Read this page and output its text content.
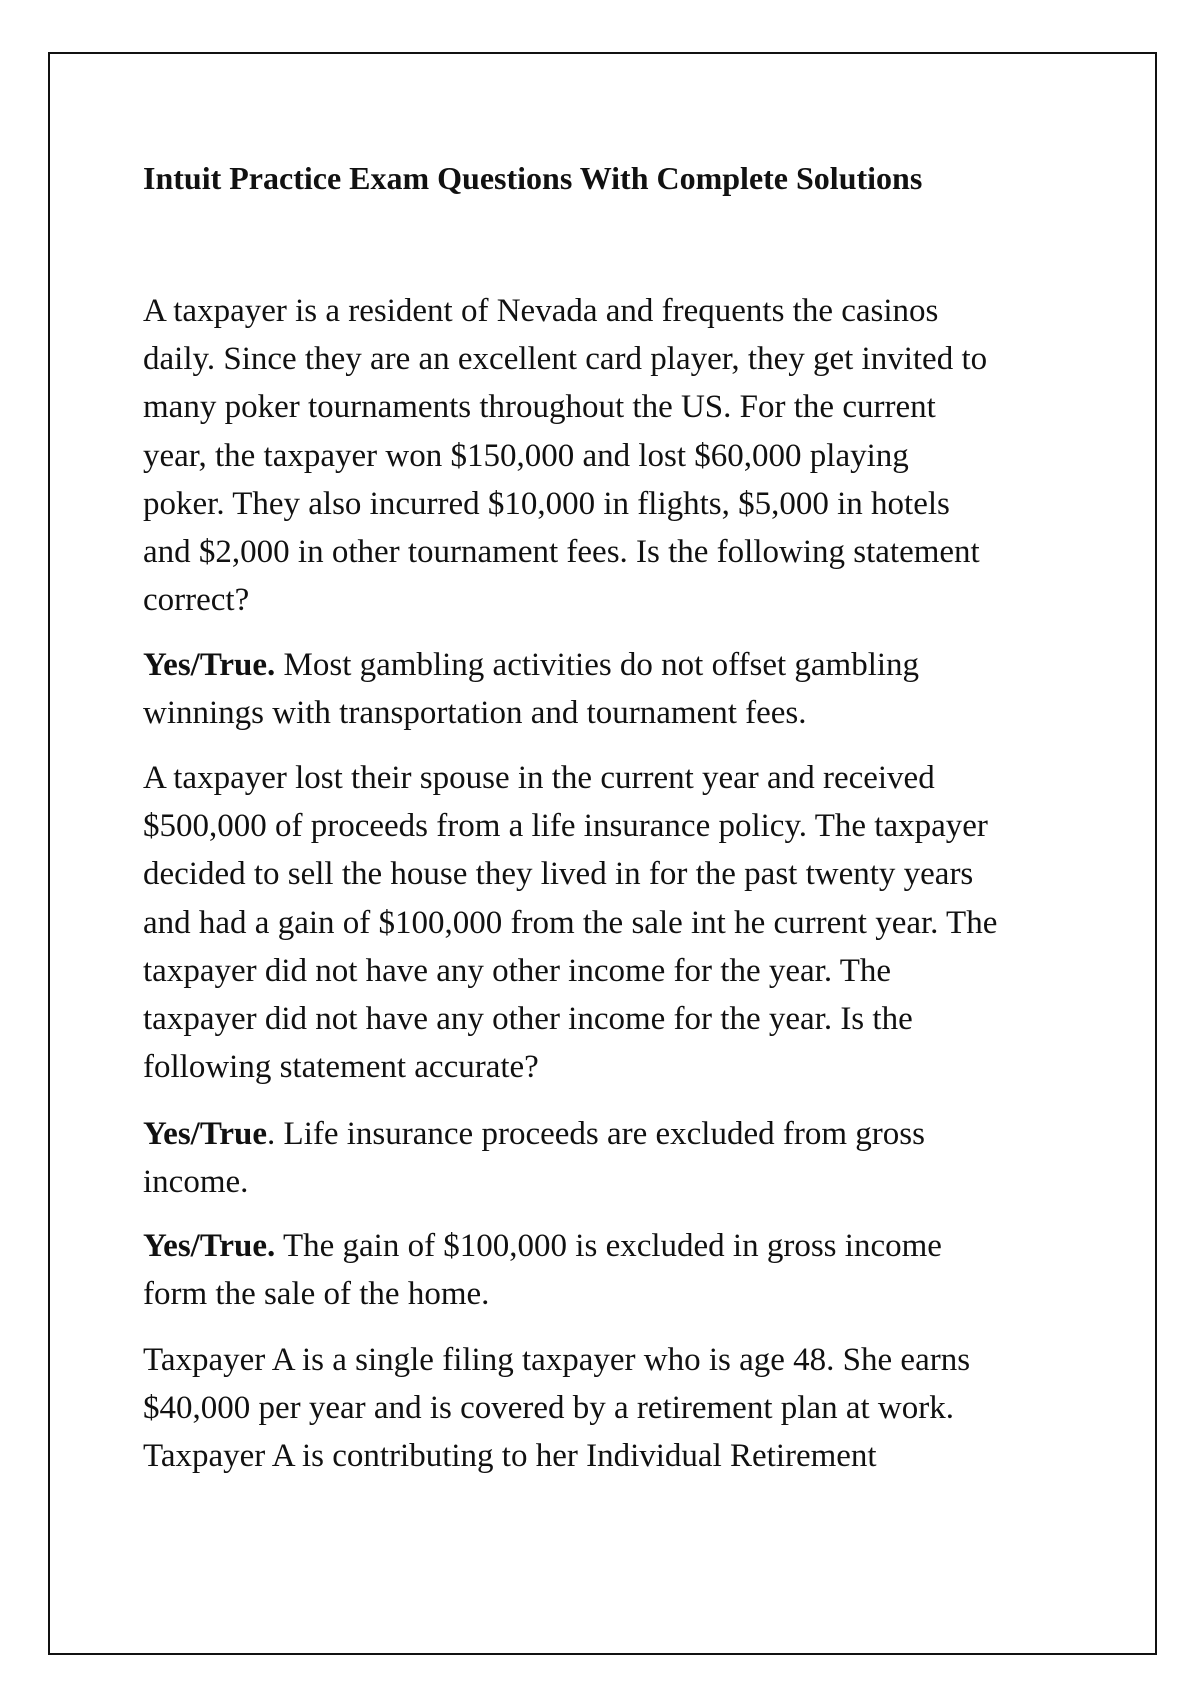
Intuit Practice Exam Questions With Complete Solutions
A taxpayer is a resident of Nevada and frequents the casinos
daily. Since they are an excellent card player, they get invited to
many poker tournaments throughout the US. For the current
year, the taxpayer won $150,000 and lost $60,000 playing
poker. They also incurred $10,000 in flights, $5,000 in hotels
and $2,000 in other tournament fees. Is the following statement
correct?
Yes/True. Most gambling activities do not offset gambling
winnings with transportation and tournament fees.
A taxpayer lost their spouse in the current year and received
$500,000 of proceeds from a life insurance policy. The taxpayer
decided to sell the house they lived in for the past twenty years
and had a gain of $100,000 from the sale int he current year. The
taxpayer did not have any other income for the year. The
taxpayer did not have any other income for the year. Is the
following statement accurate?
Yes/True. Life insurance proceeds are excluded from gross
income.
Yes/True. The gain of $100,000 is excluded in gross income
form the sale of the home.
Taxpayer A is a single filing taxpayer who is age 48. She earns
$40,000 per year and is covered by a retirement plan at work.
Taxpayer A is contributing to her Individual Retirement
